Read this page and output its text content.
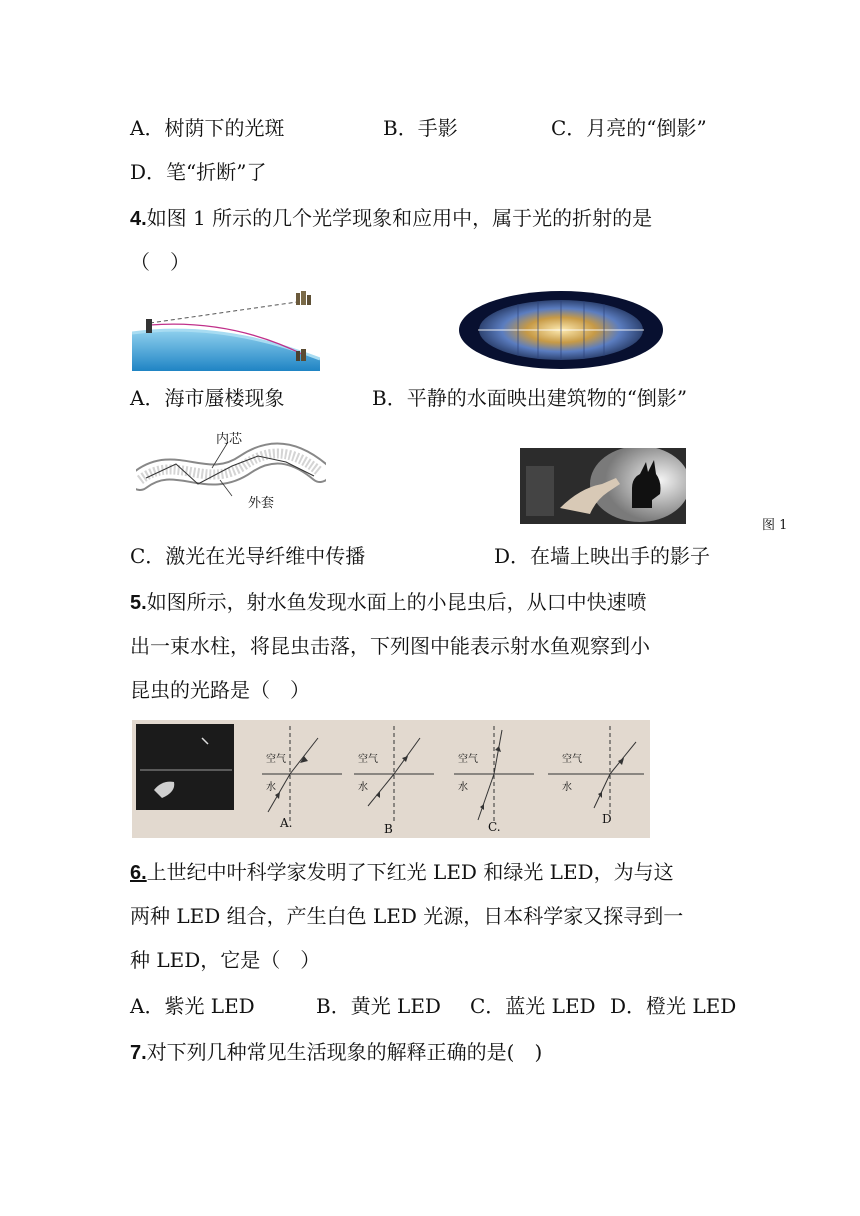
A．树荫下的光斑	B．手影	C．月亮的“倒影”
D．笔“折断”了
4.如图 1 所示的几个光学现象和应用中，属于光的折射的是
（　）
A．海市蜃楼现象	B．平静的水面映出建筑物的“倒影”
内芯
外套
图 1
C．激光在光导纤维中传播	D．在墙上映出手的影子
5.如图所示，射水鱼发现水面上的小昆虫后，从口中快速喷
出一束水柱，将昆虫击落，下列图中能表示射水鱼观察到小
昆虫的光路是（　）
空气
水
空气
水
空气
水
空气
水
A.	B	C.
D
6.上世纪中叶科学家发明了下红光 LED 和绿光 LED，为与这
两种 LED 组合，产生白色 LED 光源，日本科学家又探寻到一
种 LED，它是（　）
A．紫光 LED	B．黄光 LED C．蓝光 LED D．橙光 LED
7.对下列几种常见生活现象的解释正确的是(　)
